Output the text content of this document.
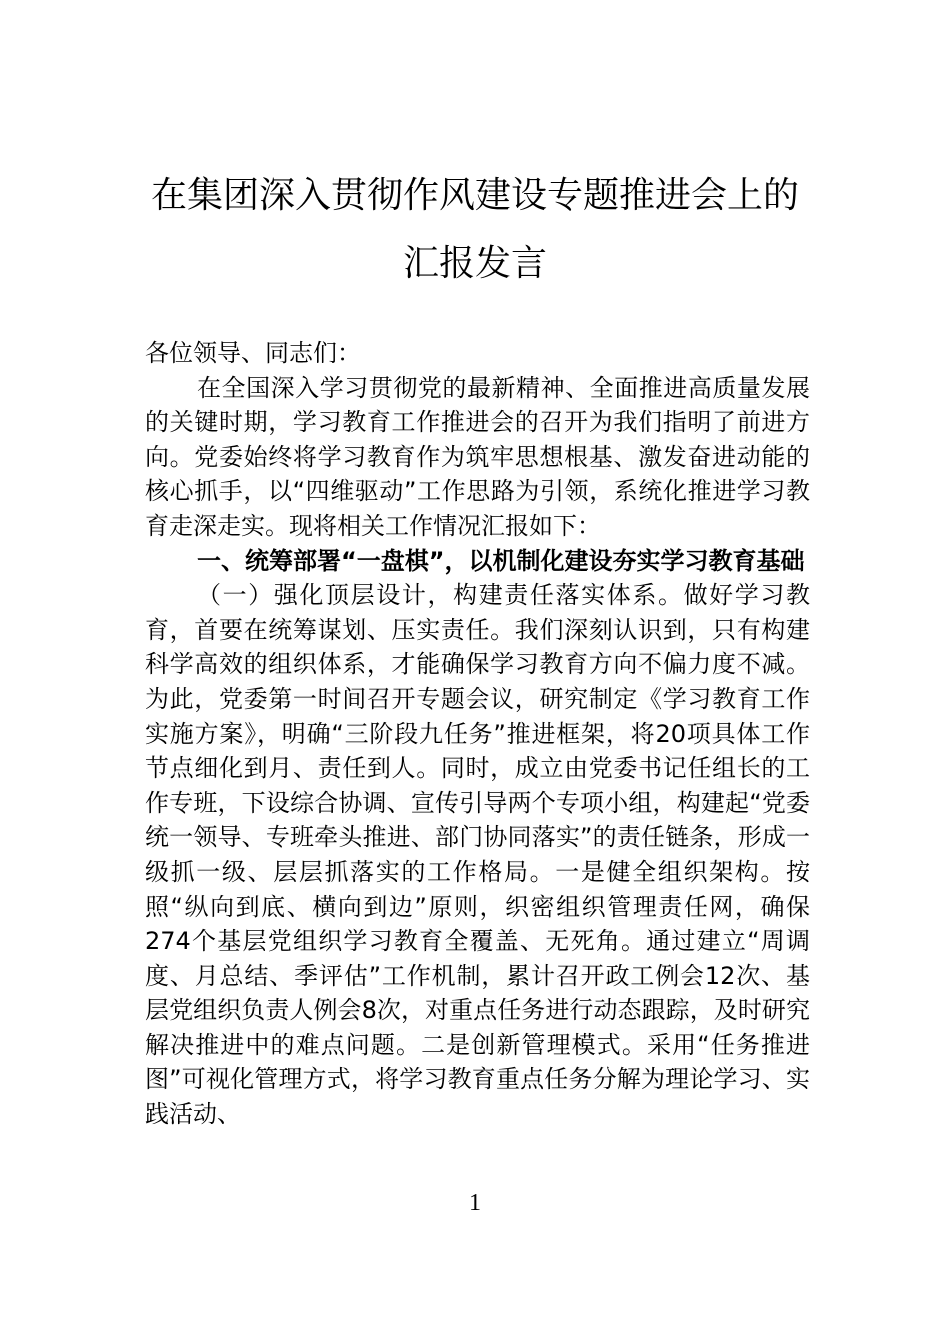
在集团深入贯彻作风建设专题推进会上的
汇报发言

各位领导、同志们：

在全国深入学习贯彻党的最新精神、全面推进高质量发展的关键时期，学习教育工作推进会的召开为我们指明了前进方向。党委始终将学习教育作为筑牢思想根基、激发奋进动能的核心抓手，以“四维驱动”工作思路为引领，系统化推进学习教育走深走实。现将相关工作情况汇报如下：

一、统筹部署“一盘棋”，以机制化建设夯实学习教育基础

（一）强化顶层设计，构建责任落实体系。做好学习教育，首要在统筹谋划、压实责任。我们深刻认识到，只有构建科学高效的组织体系，才能确保学习教育方向不偏力度不减。为此，党委第一时间召开专题会议，研究制定《学习教育工作实施方案》，明确“三阶段九任务”推进框架，将20项具体工作节点细化到月、责任到人。同时，成立由党委书记任组长的工作专班，下设综合协调、宣传引导两个专项小组，构建起“党委统一领导、专班牵头推进、部门协同落实”的责任链条，形成一级抓一级、层层抓落实的工作格局。一是健全组织架构。按照“纵向到底、横向到边”原则，织密组织管理责任网，确保274个基层党组织学习教育全覆盖、无死角。通过建立“周调度、月总结、季评估”工作机制，累计召开政工例会12次、基层党组织负责人例会8次，对重点任务进行动态跟踪，及时研究解决推进中的难点问题。二是创新管理模式。采用“任务推进图”可视化管理方式，将学习教育重点任务分解为理论学习、实践活动、

1
